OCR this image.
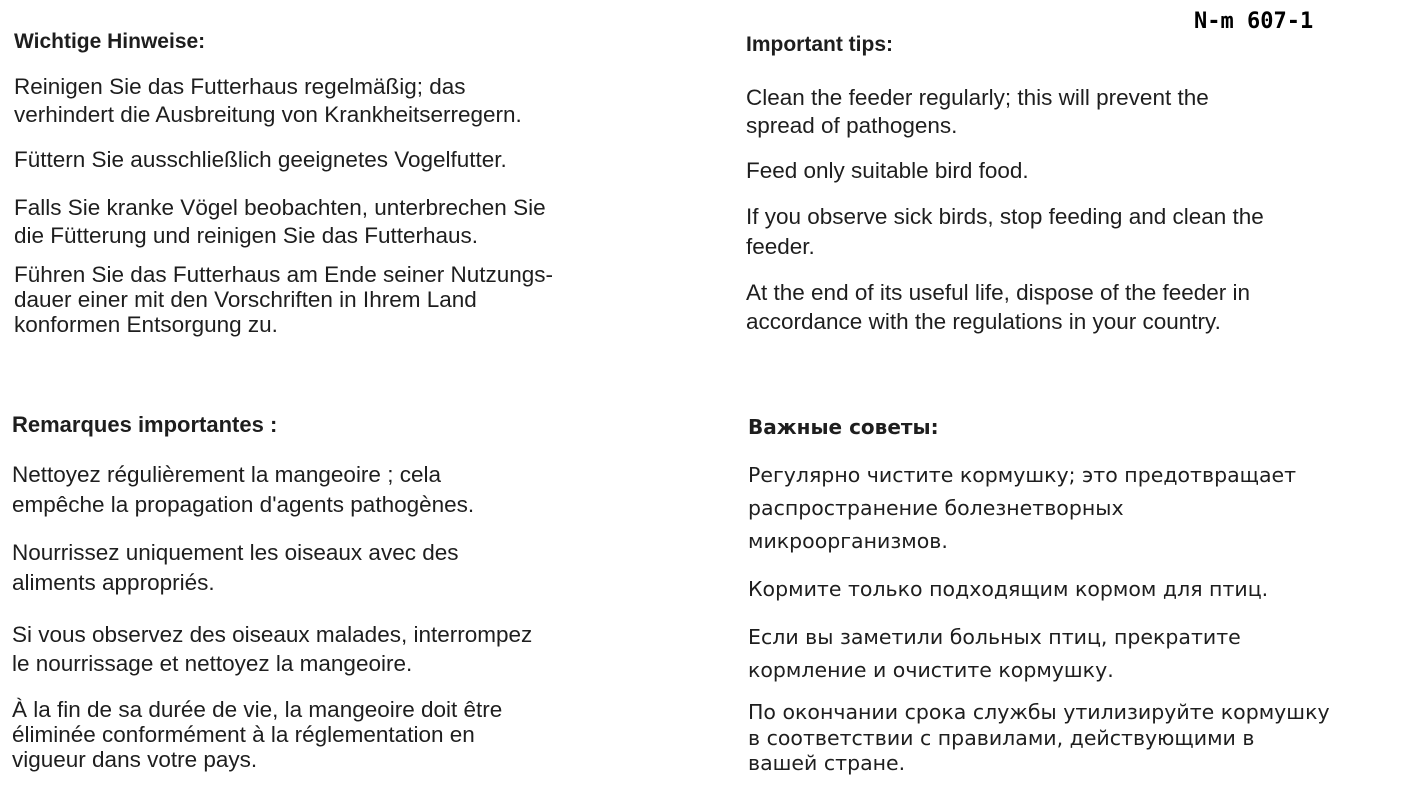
N-m 607-1
Wichtige Hinweise:
Reinigen Sie das Futterhaus regelmäßig; das
verhindert die Ausbreitung von Krankheitserregern.
Füttern Sie ausschließlich geeignetes Vogelfutter.
Falls Sie kranke Vögel beobachten, unterbrechen Sie
die Fütterung und reinigen Sie das Futterhaus.
Führen Sie das Futterhaus am Ende seiner Nutzungs-
dauer einer mit den Vorschriften in Ihrem Land
konformen Entsorgung zu.
Important tips:
Clean the feeder regularly; this will prevent the
spread of pathogens.
Feed only suitable bird food.
If you observe sick birds, stop feeding and clean the
feeder.
At the end of its useful life, dispose of the feeder in
accordance with the regulations in your country.
Remarques importantes :
Nettoyez régulièrement la mangeoire ; cela
empêche la propagation d'agents pathogènes.
Nourrissez uniquement les oiseaux avec des
aliments appropriés.
Si vous observez des oiseaux malades, interrompez
le nourrissage et nettoyez la mangeoire.
À la fin de sa durée de vie, la mangeoire doit être
éliminée conformément à la réglementation en
vigueur dans votre pays.
Важные советы:
Регулярно чистите кормушку; это предотвращает
распространение болезнетворных
микроорганизмов.
Кормите только подходящим кормом для птиц.
Если вы заметили больных птиц, прекратите
кормление и очистите кормушку.
По окончании срока службы утилизируйте кормушку
в соответствии с правилами, действующими в
вашей стране.
